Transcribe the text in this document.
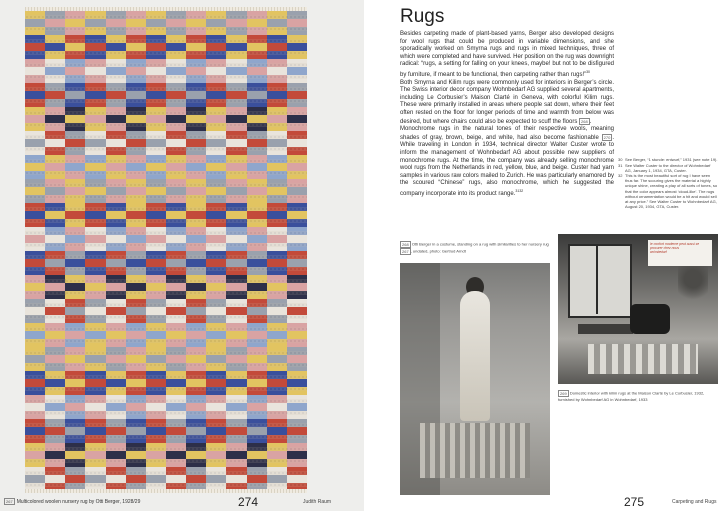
267 Multicolored woolen nursery rug by Otti Berger, 1928/29	274	Judith Raum
Rugs

Besides carpeting made of plant-based yarns, Berger also developed designs for wool rugs that could be produced in variable dimensions, and she sporadically worked on Smyrna rugs and rugs in mixed techniques, three of which were completed and have survived. Her position on the rug was downright radical: “rugs, a setting for falling on your knees, maybe! but not to be disfigured by furniture, if meant to be functional, then carpeting rather than rugs!”$^{30}$

Both Smyrna and Kilim rugs were commonly used for interiors in Berger’s circle. The Swiss interior decor company Wohnbedarf AG supplied several apartments, including Le Corbusier’s Maison Clarté in Geneva, with colorful Kilim rugs. These were primarily installed in areas where people sat down, where their feet often rested on the floor for longer periods of time and warmth from below was desired, but where chairs could also be expected to scuff the floors 268 .

Monochrome rugs in the natural tones of their respective wools, meaning shades of gray, brown, beige, and white, had also become fashionable 270 . While traveling in London in 1934, technical director Walter Custer wrote to inform the management of Wohnbedarf AG about possible new suppliers of monochrome rugs. At the time, the company was already selling monochrome wool rugs from the Netherlands in red, yellow, blue, and beige. Custer had yarn samples in various raw colors mailed to Zurich. He was particularly enamored by the scoured “Chinese” rugs, also monochrome, which he suggested the company incorporate into its product range.$^{3132}$

30 See Berger, “1 stunde: entwurf,” 1931 (see note 19).
31 See Walter Custer to the director of Wohnbedarf AG, January 1, 1934, GTA, Custer.
32 This is the most beautiful sort of rug I have seen thus far. The scouring gives the material a highly unique shine, creating a play of all sorts of tones, so that the color appears almost ‘cloud-like’. The rugs without ornamentation would be a hit and would sell at any price.” See Walter Custer to Wohnbedarf AG, August 20, 1934, GTA, Custer.
268 Otti Berger in a costume, standing on a rug with similarities to her nursery rug 267 , undated, photo: Gertrud Arndt
le confort moderne peut aussi se procurer chez nous
wohnbedarf
269 Domestic interior with kilim rugs at the Maison Clarté by Le Corbusier, 1932, furnished by Wohnbedarf AG in Wohnbedarf, 1933
275	Carpeting and Rugs
